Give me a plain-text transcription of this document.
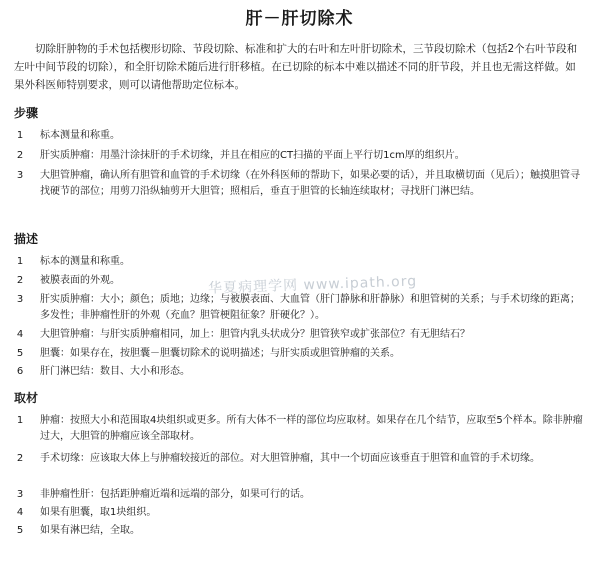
肝－肝切除术

切除肝肿物的手术包括楔形切除、节段切除、标准和扩大的右叶和左叶肝切除术，三节段切除术（包括2个右叶节段和左叶中间节段的切除），和全肝切除术随后进行肝移植。在已切除的标本中难以描述不同的肝节段，并且也无需这样做。如果外科医师特别要求，则可以请他帮助定位标本。

步骤
1	标本测量和称重。
2	肝实质肿瘤：用墨汁涂抹肝的手术切缘，并且在相应的CT扫描的平面上平行切1cm厚的组织片。
3	大胆管肿瘤，确认所有胆管和血管的手术切缘（在外科医师的帮助下，如果必要的话），并且取横切面（见后）；触摸胆管寻找硬节的部位；用剪刀沿纵轴剪开大胆管；照相后，垂直于胆管的长轴连续取材；寻找肝门淋巴结。
描述
1	标本的测量和称重。
2	被膜表面的外观。
3	肝实质肿瘤：大小；颜色；质地；边缘；与被膜表面、大血管（肝门静脉和肝静脉）和胆管树的关系；与手术切缘的距离；多发性；非肿瘤性肝的外观（充血？胆管梗阻征象？肝硬化？）。
4	大胆管肿瘤：与肝实质肿瘤相同，加上：胆管内乳头状成分？胆管狭窄或扩张部位？有无胆结石？
5	胆囊：如果存在，按胆囊－胆囊切除术的说明描述；与肝实质或胆管肿瘤的关系。
6	肝门淋巴结：数目、大小和形态。
取材
1	肿瘤：按照大小和范围取4块组织或更多。所有大体不一样的部位均应取材。如果存在几个结节，应取至5个样本。除非肿瘤过大，大胆管的肿瘤应该全部取材。
2	手术切缘：应该取大体上与肿瘤较接近的部位。对大胆管肿瘤，其中一个切面应该垂直于胆管和血管的手术切缘。
3	非肿瘤性肝：包括距肿瘤近端和远端的部分，如果可行的话。
4	如果有胆囊，取1块组织。
5	如果有淋巴结，全取。
华夏病理学网 www.ipath.org
